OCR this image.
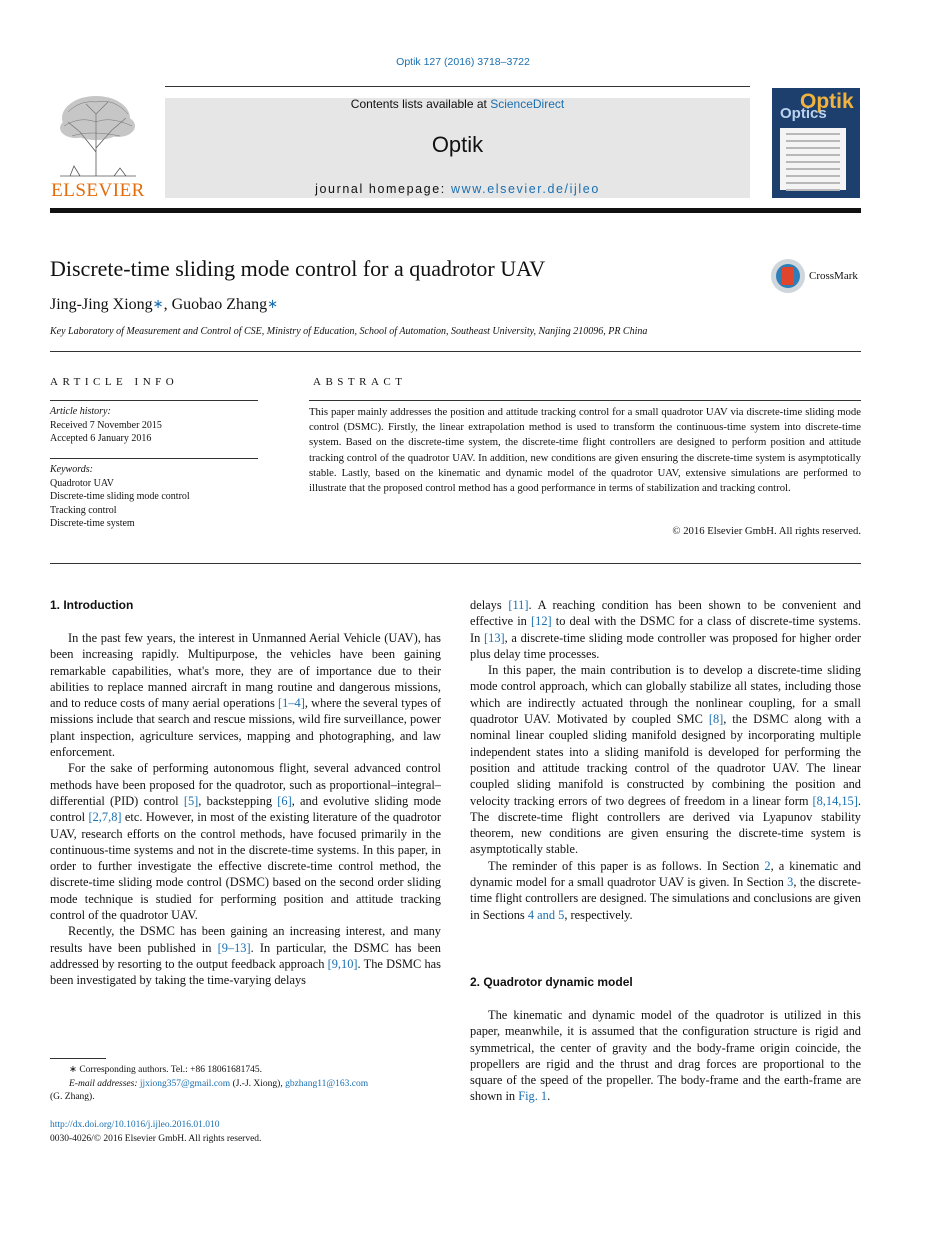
Optik 127 (2016) 3718–3722
ELSEVIER
Contents lists available at ScienceDirect
Optik
journal homepage: www.elsevier.de/ijleo
Optik
Optics
Discrete-time sliding mode control for a quadrotor UAV	CrossMark
Jing-Jing Xiong∗, Guobao Zhang∗
Key Laboratory of Measurement and Control of CSE, Ministry of Education, School of Automation, Southeast University, Nanjing 210096, PR China
ARTICLE INFO	ABSTRACT
Article history:
Received 7 November 2015
Accepted 6 January 2016
Keywords:
Quadrotor UAV
Discrete-time sliding mode control
Tracking control
Discrete-time system
This paper mainly addresses the position and attitude tracking control for a small quadrotor UAV via discrete-time sliding mode control (DSMC). Firstly, the linear extrapolation method is used to transform the continuous-time system into discrete-time system. Based on the discrete-time system, the discrete-time flight controllers are designed to perform position and attitude tracking control of the quadrotor UAV. In addition, new conditions are given ensuring the discrete-time system is asymptotically stable. Lastly, based on the kinematic and dynamic model of the quadrotor UAV, extensive simulations are performed to illustrate that the proposed control method has a good performance in terms of stabilization and tracking control.
© 2016 Elsevier GmbH. All rights reserved.
1. Introduction

In the past few years, the interest in Unmanned Aerial Vehicle (UAV), has been increasing rapidly. Multipurpose, the vehicles have been gaining remarkable capabilities, what's more, they are of importance due to their abilities to replace manned aircraft in mang routine and dangerous missions, and to reduce costs of many aerial operations [1–4], where the several types of missions include that search and rescue missions, wild fire surveillance, power plant inspection, agriculture services, mapping and photographing, and law enforcement.

For the sake of performing autonomous flight, several advanced control methods have been proposed for the quadrotor, such as proportional–integral–differential (PID) control [5], backstepping [6], and evolutive sliding mode control [2,7,8] etc. However, in most of the existing literature of the quadrotor UAV, research efforts on the control methods, have focused primarily in the continuous-time systems and not in the discrete-time systems. In this paper, in order to further investigate the effective discrete-time control method, the discrete-time sliding mode control (DSMC) based on the second order sliding mode technique is studied for performing position and attitude tracking control of the quadrotor UAV.

Recently, the DSMC has been gaining an increasing interest, and many results have been published in [9–13]. In particular, the DSMC has been addressed by resorting to the output feedback approach [9,10]. The DSMC has been investigated by taking the time-varying delays

delays [11]. A reaching condition has been shown to be convenient and effective in [12] to deal with the DSMC for a class of discrete-time systems. In [13], a discrete-time sliding mode controller was proposed for higher order plus delay time processes.

In this paper, the main contribution is to develop a discrete-time sliding mode control approach, which can globally stabilize all states, including those which are indirectly actuated through the nonlinear coupling, for a small quadrotor UAV. Motivated by coupled SMC [8], the DSMC along with a nominal linear coupled sliding manifold designed by incorporating multiple independent states into a sliding manifold is developed for performing the position and attitude tracking control of the quadrotor UAV. The linear coupled sliding manifold is constructed by combining the position and velocity tracking errors of two degrees of freedom in a linear form [8,14,15]. The discrete-time flight controllers are derived via Lyapunov stability theorem, new conditions are given ensuring the discrete-time system is asymptotically stable.

The reminder of this paper is as follows. In Section 2, a kinematic and dynamic model for a small quadrotor UAV is given. In Section 3, the discrete-time flight controllers are designed. The simulations and conclusions are given in Sections 4 and 5, respectively.

2. Quadrotor dynamic model

The kinematic and dynamic model of the quadrotor is utilized in this paper, meanwhile, it is assumed that the configuration structure is rigid and symmetrical, the center of gravity and the body-frame origin coincide, the propellers are rigid and the thrust and drag forces are proportional to the square of the speed of the propeller. The body-frame and the earth-frame are shown in Fig. 1.

∗ Corresponding authors. Tel.: +86 18061681745.
E-mail addresses: jjxiong357@gmail.com (J.-J. Xiong), gbzhang11@163.com
(G. Zhang).
http://dx.doi.org/10.1016/j.ijleo.2016.01.010
0030-4026/© 2016 Elsevier GmbH. All rights reserved.
